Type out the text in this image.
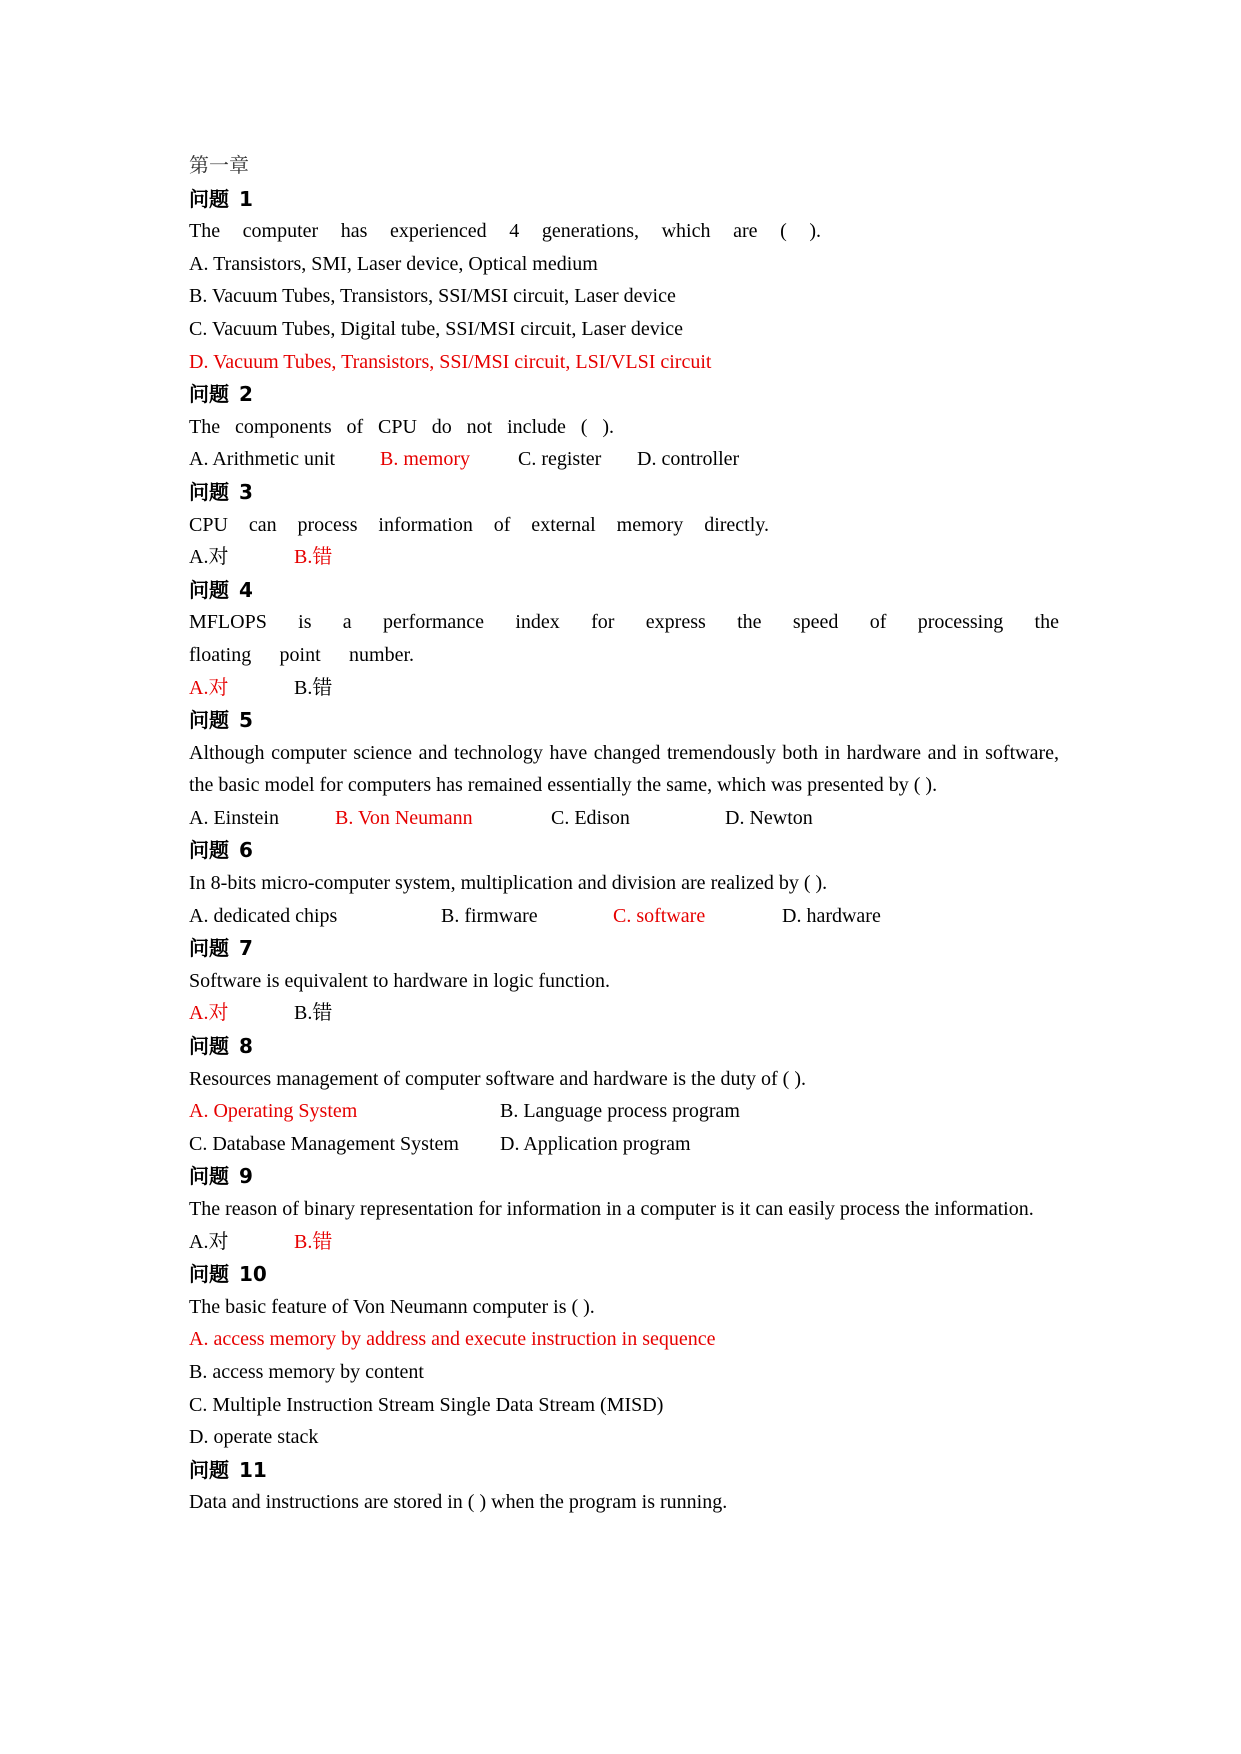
第一章
问题 1
The computer has experienced 4 generations, which are ( ).
A. Transistors, SMI, Laser device, Optical medium
B. Vacuum Tubes, Transistors, SSI/MSI circuit, Laser device
C. Vacuum Tubes, Digital tube, SSI/MSI circuit, Laser device
D. Vacuum Tubes, Transistors, SSI/MSI circuit, LSI/VLSI circuit
问题 2
The components of CPU do not include ( ).
A. Arithmetic unit B. memory C. register D. controller
问题 3
CPU can process information of external memory directly.
A.对	B.错
问题 4
MFLOPS is a performance index for express the speed of processing the
floating point number.
A.对	B.错
问题 5
Although computer science and technology have changed tremendously both in hardware and in software, the basic model for computers has remained essentially the same, which was presented by ( ).
A. Einstein	B. Von Neumann	C. Edison	D. Newton
问题 6
In 8-bits micro-computer system, multiplication and division are realized by ( ).
A. dedicated chips	B. firmware	C. software	D. hardware
问题 7
Software is equivalent to hardware in logic function.
A.对	B.错
问题 8
Resources management of computer software and hardware is the duty of ( ).
A. Operating System	B. Language process program
C. Database Management System D. Application program
问题 9
The reason of binary representation for information in a computer is it can easily process the information.
A.对	B.错
问题 10
The basic feature of Von Neumann computer is ( ).
A. access memory by address and execute instruction in sequence
B. access memory by content
C. Multiple Instruction Stream Single Data Stream (MISD)
D. operate stack
问题 11
Data and instructions are stored in ( ) when the program is running.
